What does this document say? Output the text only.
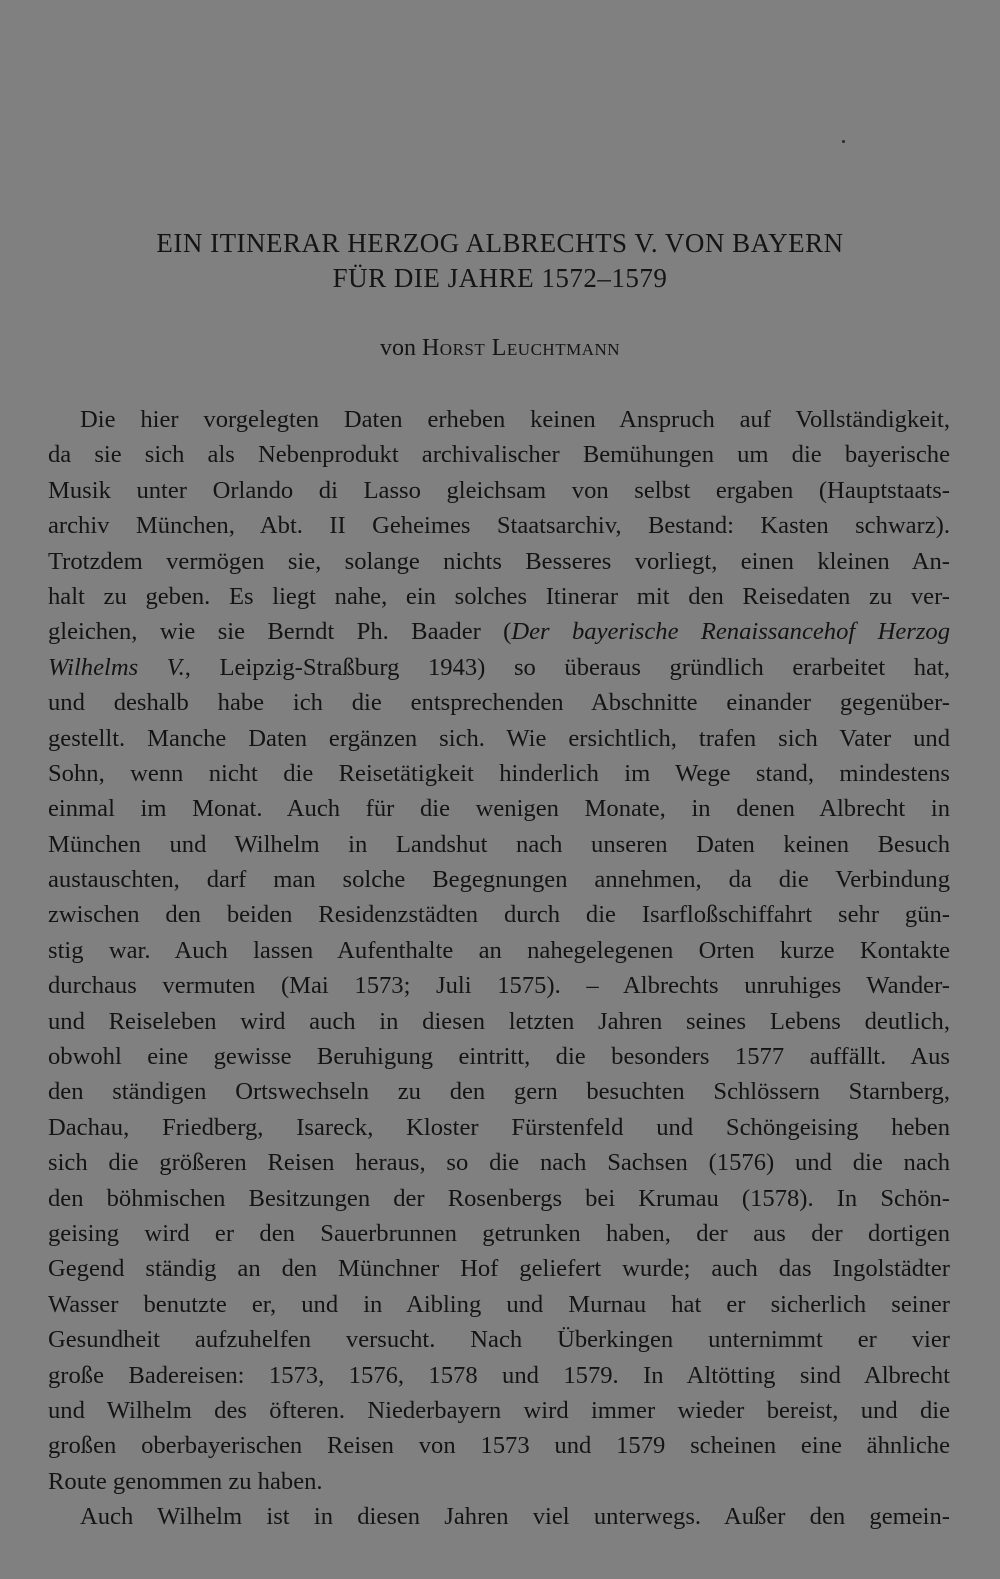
EIN ITINERAR HERZOG ALBRECHTS V. VON BAYERN
FÜR DIE JAHRE 1572–1579
von Horst Leuchtmann
Die hier vorgelegten Daten erheben keinen Anspruch auf Vollständigkeit,
da sie sich als Nebenprodukt archivalischer Bemühungen um die bayerische
Musik unter Orlando di Lasso gleichsam von selbst ergaben (Hauptstaats-
archiv München, Abt. II Geheimes Staatsarchiv, Bestand: Kasten schwarz).
Trotzdem vermögen sie, solange nichts Besseres vorliegt, einen kleinen An-
halt zu geben. Es liegt nahe, ein solches Itinerar mit den Reisedaten zu ver-
gleichen, wie sie Berndt Ph. Baader (Der bayerische Renaissancehof Herzog
Wilhelms V., Leipzig-Straßburg 1943) so überaus gründlich erarbeitet hat,
und deshalb habe ich die entsprechenden Abschnitte einander gegenüber-
gestellt. Manche Daten ergänzen sich. Wie ersichtlich, trafen sich Vater und
Sohn, wenn nicht die Reisetätigkeit hinderlich im Wege stand, mindestens
einmal im Monat. Auch für die wenigen Monate, in denen Albrecht in
München und Wilhelm in Landshut nach unseren Daten keinen Besuch
austauschten, darf man solche Begegnungen annehmen, da die Verbindung
zwischen den beiden Residenzstädten durch die Isarfloßschiffahrt sehr gün-
stig war. Auch lassen Aufenthalte an nahegelegenen Orten kurze Kontakte
durchaus vermuten (Mai 1573; Juli 1575). – Albrechts unruhiges Wander-
und Reiseleben wird auch in diesen letzten Jahren seines Lebens deutlich,
obwohl eine gewisse Beruhigung eintritt, die besonders 1577 auffällt. Aus
den ständigen Ortswechseln zu den gern besuchten Schlössern Starnberg,
Dachau, Friedberg, Isareck, Kloster Fürstenfeld und Schöngeising heben
sich die größeren Reisen heraus, so die nach Sachsen (1576) und die nach
den böhmischen Besitzungen der Rosenbergs bei Krumau (1578). In Schön-
geising wird er den Sauerbrunnen getrunken haben, der aus der dortigen
Gegend ständig an den Münchner Hof geliefert wurde; auch das Ingolstädter
Wasser benutzte er, und in Aibling und Murnau hat er sicherlich seiner
Gesundheit aufzuhelfen versucht. Nach Überkingen unternimmt er vier
große Badereisen: 1573, 1576, 1578 und 1579. In Altötting sind Albrecht
und Wilhelm des öfteren. Niederbayern wird immer wieder bereist, und die
großen oberbayerischen Reisen von 1573 und 1579 scheinen eine ähnliche
Route genommen zu haben.
Auch Wilhelm ist in diesen Jahren viel unterwegs. Außer den gemein-
